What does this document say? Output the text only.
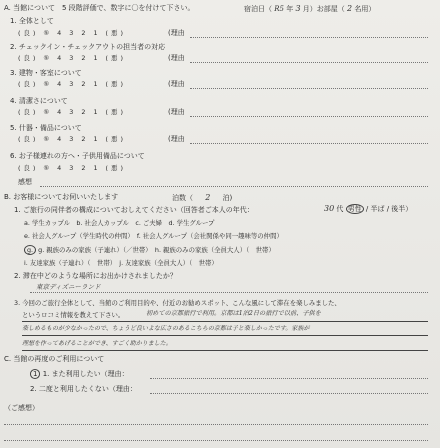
A. 当館について　5 段階評価で、数字に〇を付けて下さい。	宿泊日（ R5 年 3 月）お部屋（ 2 名用）
1. 全体として
(良) ⑤ 4 3 2 1 (悪)	(理由
2. チェックイン・チェックアウトの担当者の対応
(良) ⑤ 4 3 2 1 (悪)	(理由
3. 建物・客室について
(良) ⑤ 4 3 2 1 (悪)	(理由
4. 清潔さについて
(良) ⑤ 4 3 2 1 (悪)	(理由
5. 什器・備品について
(良) ⑤ 4 3 2 1 (悪)	(理由
6. お子様連れの方へ・子供用備品について
(良) ⑤ 4 3 2 1 (悪)
感想
B. お客様についてお伺いいたします	泊数（ 2 泊)
1. ご旅行の同伴者の構成についておしえてください（回答者ご本人の年代：	30 代 男性 / 半ば / 後半）
a. 学生カップル　b. 社会人カップル　c. ご夫婦　d. 学生グループ
e. 社会人グループ（学生時代の仲間）　f. 社会人グループ（会社関係や同一趣味等の仲間）
g. g. 親族のみの家族（子連れ）（／世帯）　h. 親族のみの家族（全員大人）（　世帯）
i. 友達家族（子連れ）（　世帯）　j. 友達家族（全員大人）（　世帯）
2. 滞在中どのような場所にお出かけされましたか？
東京ディズニーランド
3. 今回のご旅行全体として、当館のご利用目的や、付近のお勧めスポット、こんな風にして滞在を楽しみました、
というロコミ情報を教えて下さい。	初めての京都旅行で利用。京都は1泊2日の旅行で以前、子供を
楽しめるものが少なかったので、ちょうど良いよな広さのあるこちらの京都は子と楽しかったです。家族が
理想を作ってあげることができ、すごく助かりました。
C. 当館の再度のご利用について
1 1. また利用したい（理由：
2. 二度と利用したくない（理由：
（ご感想）
